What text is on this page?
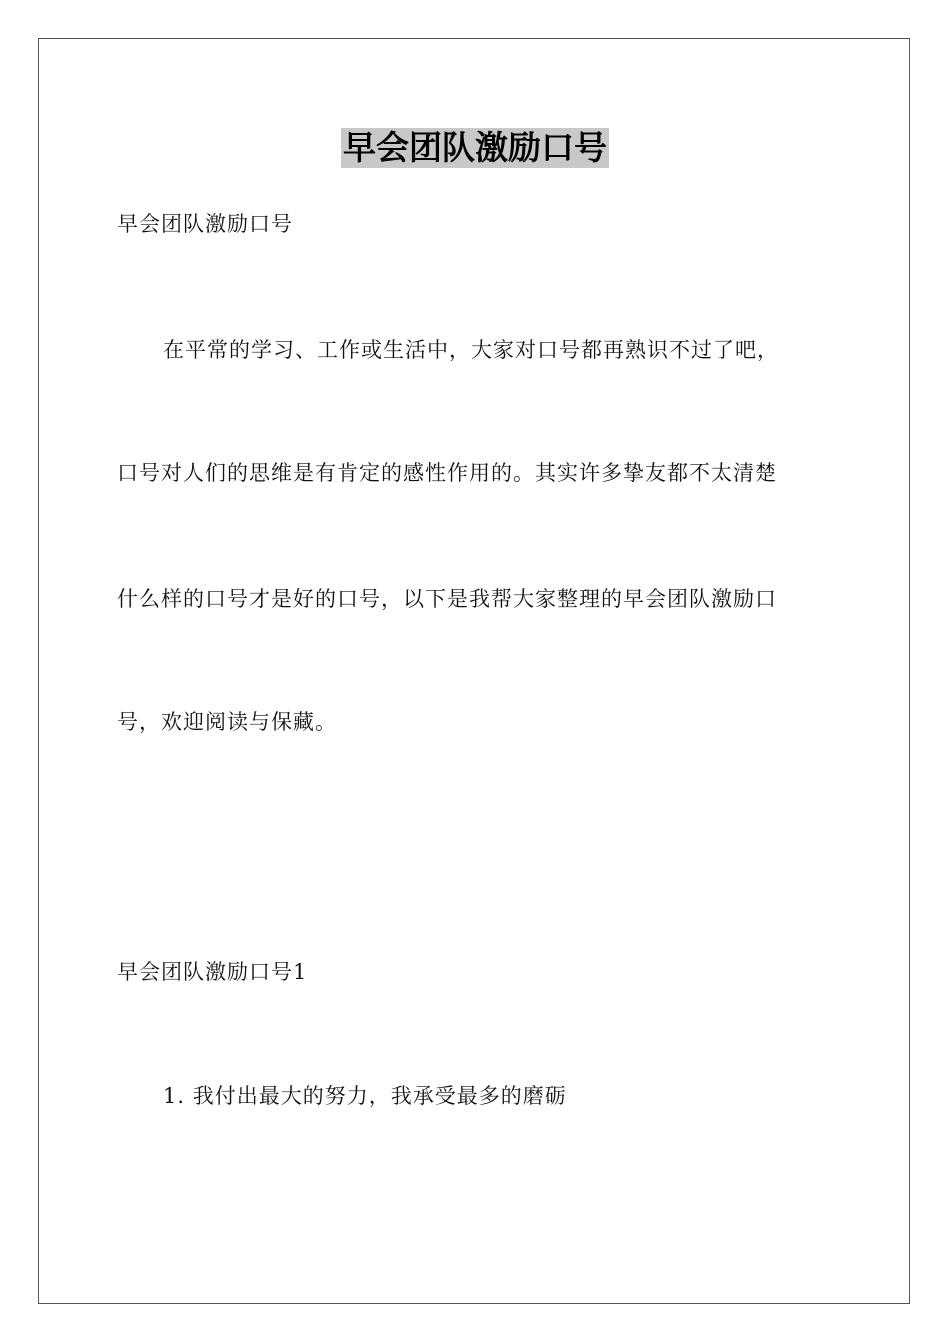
早会团队激励口号
早会团队激励口号
在平常的学习、工作或生活中，大家对口号都再熟识不过了吧，
口号对人们的思维是有肯定的感性作用的。其实许多挚友都不太清楚
什么样的口号才是好的口号，以下是我帮大家整理的早会团队激励口
号，欢迎阅读与保藏。
早会团队激励口号1
1. 我付出最大的努力，我承受最多的磨砺
